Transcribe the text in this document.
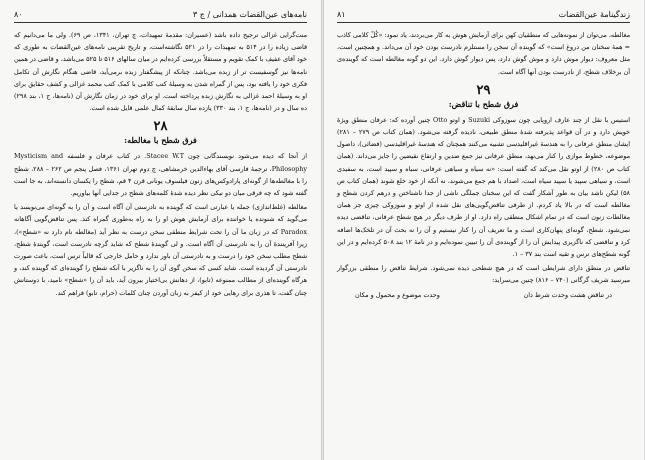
نامه‌های عین‌القضات همدانی / ج ۳
۸۰

منت‌گرایی غزالی ترجیح داده باشد (عسیران: مقدمهٔ تمهیدات، چ تهران، ۱۳۴۱، ص ۶۹). ولی ما می‌دانیم که قاضی زیاده را در ۵۱۴ به تمهیدات را در ۵۲۱ نگاشته‌است، و تاریخ تقریبی نامه‌های عین‌القضات به طوری که خود آقای عفیف با کمک تقویم و مستقلاً بررسی کرده‌ایم در میان سالهای ۵۱۶ تا ۵۲۵ می‌باشد، و قاضی در همین نامه‌ها نیز گوسفیست تر از زبده می‌باشد. چنانکه از پیشگفتار زبده برمی‌آید، قاضی هنگام نگارش آن تکامل فکری خود را یافته بود، پس از گمراه شدن به وسیلهٔ کتب کلامی با کمک کتب محمد غزالی و کشف حقایق برای او به وسیلهٔ احمد غزالی به نگارش زبده پرداخته است. او برای خود در زمان نگارش آن (نامه‌ها، ج ۱، بند ۲۹۸) ده سال و در (نامه‌ها، ج ۱، بند ۳۳۰) یازده سال سابقهٔ کمال علمی قایل شده است.

۲۸
فرق شطح با مغالطه:

از آنجا که دیده می‌شود نویسندگانی چون Stacee W.T. در کتاب عرفان و فلسفه Mysticism and Philosophy، ترجمهٔ فارسی آقای بهاءالدین خرمشاهی، چ دوم تهران ۱۳۶۱، فصل پنجم ص ۲۶۲ – ۲۸۸، شطح را با مغالطه‌ها از گونه‌ای پارادوکس‌های زنون فیلسوف یونانی قرن ۴ قم، شطح را یکسان دانسته‌اند، به جا است گفته شود که چه فرقی میان دو نیکی نظر دیده شدهٔ کلمه‌های شطح در جدایی آنها بیاوریم.

مغالطه (غلط‌اندازی) جمله یا عبارتی است که گوینده به نادرستی آن آگاه است و آن را به گونه‌ای می‌نویسد یا می‌گوید که شنونده یا خواننده برای آزمایش هوش او را به راه به‌طوری گمراه کند. پس تناقض‌گویی آگاهانه Paradox که در زبان ما آن را تحت شرایط منطقی سخن درست به نظر آید (مغالطه نام دارد نه «شطح»)، زیرا آفرینندهٔ آن را به نادرستی آن آگاه است. و لی گویندهٔ شطح که شاید گرچه نادرست است، گویندهٔ شطح، شطح مطلب سخن خود را درست و به نادرستی آن باور ندارد و حامل خارجی که قالباً ترس است، باعث صورت نادرستی آن گردیده است. شاید کسی که سخن گوی آن را به ناگزیر با آنکه شطح را گوینده‌ای که گوینده کند، و هرگاه گوینده‌ای از مطالب ممنوعه (تابو)، از دهانش بی‌اختیار بیرون آید، باید آن را «شطح» نامید، با دوستانش چنان گفت، تا هذری برای رهایی خود از کیفر به زبان آوردن چنان کلمات (حرام، تابو) فراهم کند.

زندگینامهٔ عین‌القضات
۸۱

مغالطه، می‌توان از نمونه‌هایی که منطقیان کهن برای آزمایش هوش به کار می‌بردند، یاد نمود: «کُلّ کلامی کاذب = همهٔ سخنان من دروغ است» که گوینده آن سخن را مستلزم نادرست بودن خود آن می‌داند. و همچنین است، مثل معروف: دیوار موش دارد و موش گوش دارد، پس دیوار گوش دارد. این دو گونه مغالطه است که گوینده‌ی آن برخلاف شطح، از نادرست بودن آنها آگاه است.

۲۹
فرق شطح با تناقض:

استیس با نقل از چند عارف اروپایی چون سوزوکی Suzuki و اوتو Otto چنین آورده که: عرفان منطق ویژهٔ خویش دارد و در آن قواعد پذیرفته شدهٔ منطق طبیعی، نادیده گرفته می‌شود. (همان کتاب ص ۲۷۹ – ۲۸۱) ایشان منطق عرفانی را به هندسهٔ غیراقلیدسی تشبیه می‌کنند همچنان که هندسهٔ غیراقلیدسی (فضائی)، داصول موضوعه، خطوط موازی را کنار می‌نهد، منطق عرفانی نیز جمع ضدین و ارتفاع نقیضین را جایز می‌داند. (همان کتاب ص ۲۸۰) از اوتو نقل می‌کند که گفته است: «نه سیاه و سیاهی عرفانی، سیاه و سپید است، به سفیدی است، و سیاهی سپید یا سپید سیاه است، اصداد با هم جمع می‌شوند، نه آنکه از خود خلع شوند (همان کتاب ص ۵۸) لیکن ناشد بیان به طور آشکار گفت که این سخنان جملگی ناشی از جدا ناشناختن و درهم کردن شطح و مغالطه است که در بالا یاد کردم. از طرفی تناقض‌گویی‌های نقل شده از اوتو و سوزوکی چیزی جز همان مغالطات زنون است که در تمام اشکال منطقی راه دارد. او از طرف دیگر در هیچ شطح عرفانی، تناقضی دیده نمی‌شود. شطح، گونه‌ای پنهان‌کاری است و ما تعریف آن را کنار نیستیم و آن را نه بحث آن در تلخک‌ها اضافه کرد و تناقضی که ناگزیری پیدایش آن را از گوینده‌ی آن را تبیین نموده‌ایم و در نامهٔ ۱۲ بند ۵۰۸ کرده‌ایم و در این گونه شطح‌های ترس و تقیه است بند ۳۷ – ۱.

تناقض در منطق دارای شرایطی است که در هیچ شطحی دیده نمی‌شود. شرایط تناقض را منطقی بزرگوار میرسید شریف گرگانی (۷۴۰ – ۸۱۶) چنین می‌سراید:

در تناقض هشت وحدت شرط دان
وحدت موضوع و محمول و مکان
